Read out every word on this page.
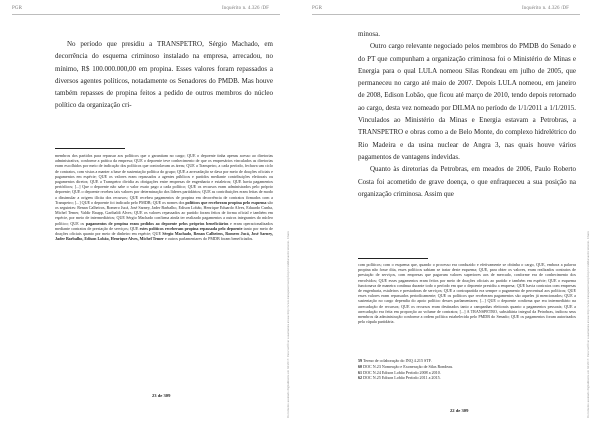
PGR	Inquérito n. 4.326 /DF
Documento assinado digitalmente em 04/2017. Para verificar a assinatura acesse http://www.transparencia.mpf.mp.br/validacaodocumento. Chave

No período que presidiu a TRANSPETRO, Sérgio Machado, em decorrência do esquema criminoso instalado na empresa, arrecadou, no mínimo, R$ 100.000.000,00 em propina. Esses valores foram repassados a diversos agentes políticos, notadamente os Senadores do PMDB. Mas houve também repasses de propina feitos a pedido de outros membros do núcleo político da organização cri-

membros dos partidos para repassar aos políticos que o garantiam no cargo; QUE o depoente tinha apenas acesso ao diretorias administrativa, conforme a prática da empresa; QUE o depoente teve conhecimento de que os empresários vinculados as diretorias eram escolhidos por meio de indicação dos políticos que controlavam as áreas; QUE a Transpetro, a cada período, fechava um ciclo de contratos, com vistas a manter a base de sustentação política do grupo; QUE a arrecadação se dava por meio de doações oficiais e pagamentos em espécie; QUE os valores eram repassados a agentes públicos e partidos mediante contribuições eleitorais ou pagamentos diretos; QUE a Transpetro dividia as obrigações entre empresas de engenharia e estaleiros; QUE havia pagamentos periódicos; [...] Que o depoente não sabe o valor exato pago a cada político; QUE os recursos eram administrados pelo próprio depoente; QUE o depoente recebeu tais valores por determinação dos líderes partidários; QUE as contribuições eram feitas de modo a dissimular a origem ilícita dos recursos; QUE recebeu pagamentos de propina em decorrência de contratos firmados com a Transpetro; [...] QUE o depoente foi indicado pelo PMDB; QUE os nomes dos políticos que receberam propina pelo esquema são os seguintes: Renan Calheiros, Romero Jucá, José Sarney, Jader Barbalho, Edison Lobão, Henrique Eduardo Alves, Eduardo Cunha, Michel Temer, Valdir Raupp, Garibaldi Alves; QUE os valores repassados ao partido foram feitos de forma oficial e também em espécie, por meio de intermediários; QUE Sérgio Machado confirma ainda ter realizado pagamentos a outros integrantes do núcleo político; QUE os pagamentos de propina eram pedidos ao depoente pelos próprios beneficiários e eram operacionalizados mediante contratos de prestação de serviços; QUE estes políticos receberam propina repassada pelo depoente tanto por meio de doações oficiais quanto por meio de dinheiro em espécie; QUE Sérgio Machado, Renan Calheiros, Romero Jucá, José Sarney, Jader Barbalho, Edison Lobão, Henrique Alves, Michel Temer e outros parlamentares do PMDB foram beneficiados.

23 de 309
PGR	Inquérito n. 4.326 /DF
Documento assinado digitalmente em 04/2017. Para verificar a assinatura acesse http://www.transparencia.mpf.mp.br/validacaodocumento. Chave

minosa.

Outro cargo relevante negociado pelos membros do PMDB do Senado e do PT que compunham a organização criminosa foi o Ministério de Minas e Energia para o qual LULA nomeou Silas Rondeau em julho de 2005, que permaneceu no cargo até maio de 2007. Depois LULA nomeou, em janeiro de 2008, Edison Lobão, que ficou até março de 2010, tendo depois retornado ao cargo, desta vez nomeado por DILMA no período de 1/1/2011 a 1/1/2015. Vinculados ao Ministério da Minas e Energia estavam a Petrobras, a TRANSPETRO e obras como a de Belo Monte, do complexo hidrelétrico do Rio Madeira e da usina nuclear de Angra 3, nas quais houve vários pagamentos de vantagens indevidas.

Quanto às diretorias da Petrobras, em meados de 2006, Paulo Roberto Costa foi acometido de grave doença, o que enfraqueceu a sua posição na organização criminosa. Assim que

com políticos; com o esquema que, quando o processo era conduzido e efetivamente se obtinha o cargo, QUE, embora a palavra propina não fosse dita, esses políticos sabiam se tratar deste esquema; QUE, para obter os valores, eram realizados contratos de prestação de serviços, com empresas que pagavam valores superiores aos de mercado, conforme era de conhecimento dos envolvidos; QUE esses pagamentos eram feitos por meio de doações oficiais ao partido e também em espécie; QUE o esquema funcionava de maneira contínua durante todo o período em que o depoente presidiu a empresa; QUE havia contratos com empresas de engenharia, estaleiros e prestadoras de serviços; QUE a contrapartida era sempre o pagamento de percentual aos políticos; QUE esses valores eram repassados periodicamente; QUE os políticos que receberam pagamentos são aqueles já mencionados; QUE a sustentação no cargo dependia do apoio político desses parlamentares; [...] QUE o depoente confirma que era intermediário na arrecadação de recursos; QUE os recursos eram destinados tanto a campanhas eleitorais quanto a pagamentos pessoais; QUE a arrecadação era feita em proporção ao volume de contratos; [...] A TRANSPETRO, subsidiária integral da Petrobras, indicou seus membros da administração conforme a ordem política estabelecida pelo PMDB do Senado; QUE os pagamentos foram autorizados pela cúpula partidária.

59 Termo de colaboração do INQ 4.215 STF.

60 DOC N.23 Nomeação e Exoneração de Silas Rondeau.

61 DOC N.24 Edison Lobão Período 2008 a 2010.

62 DOC N.25 Edison Lobão Período 2011 a 2015.

22 de 309
